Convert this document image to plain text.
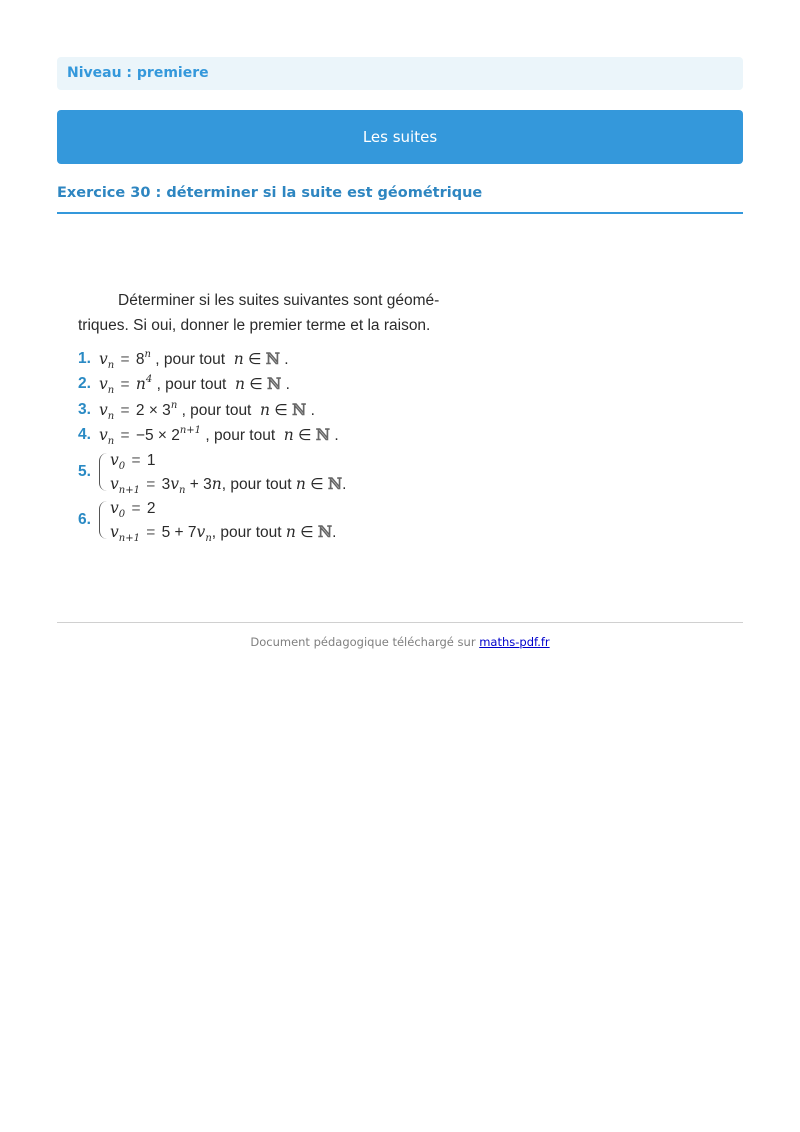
Niveau : premiere
Les suites
Exercice 30 : déterminer si la suite est géométrique

Déterminer si les suites suivantes sont géomé-
triques. Si oui, donner le premier terme et la raison.

1. $v_n = 8^n$ , pour tout  n ∈ ℕ .
2. $v_n = n^4$ , pour tout  n ∈ ℕ .
3. $v_n = 2 \times 3^n$ , pour tout  n ∈ ℕ .
4. $v_n = -5 \times 2^{n+1}$ , pour tout  n ∈ ℕ .
5.
$v_0 = 1$
$v_{n+1} = 3v_n + 3n$, pour tout n ∈ ℕ.
6.
$v_0 = 2$
$v_{n+1} = 5 + 7v_n$, pour tout n ∈ ℕ.
Document pédagogique téléchargé sur maths-pdf.fr
